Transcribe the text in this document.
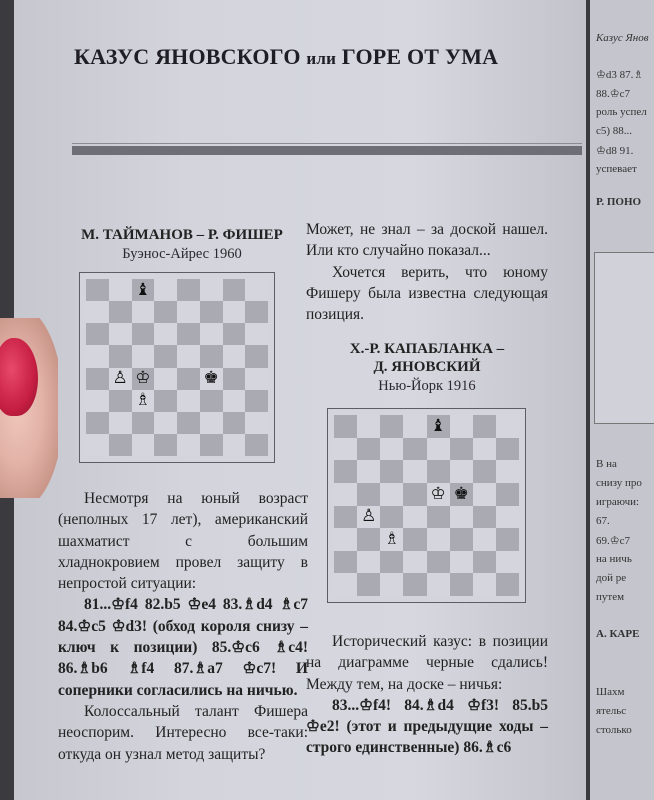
КАЗУС ЯНОВСКОГО или ГОРЕ ОТ УМА
М. ТАЙМАНОВ – Р. ФИШЕР
Буэнос-Айрес 1960
♝
♙ ♔	♚
♗

Несмотря на юный возраст (неполных 17 лет), американский шахматист с большим хладнокровием провел защиту в непростой ситуации:

81...♔f4 82.b5 ♔e4 83.♗d4 ♗c7 84.♔c5 ♔d3! (обход короля снизу – ключ к позиции) 85.♔c6 ♗c4! 86.♗b6 ♗f4 87.♗a7 ♔c7! И соперники согласились на ничью.

Колоссальный талант Фишера неоспорим. Интересно все-таки: откуда он узнал метод защиты?

Может, не знал – за доской нашел. Или кто случайно показал...

Хочется верить, что юному Фишеру была известна следующая позиция.

Х.-Р. КАПАБЛАНКА –
Д. ЯНОВСКИЙ
Нью-Йорк 1916
♝
♔ ♚
♙
♗

Исторический казус: в позиции на диаграмме черные сдались! Между тем, на доске – ничья:

83...♔f4! 84.♗d4 ♔f3! 85.b5 ♔e2! (этот и предыдущие ходы – строго единственные) 86.♗c6

Казус Янов
♔d3 87.♗
88.♔c7
роль успел
c5) 88...
♔d8 91.
успевает
Р. ПОНО
В на
снизу про
играючи:
67.
69.♔c7
на ничь
дой ре
путем
А. КАРЕ
Шахм
ятельс
столько
